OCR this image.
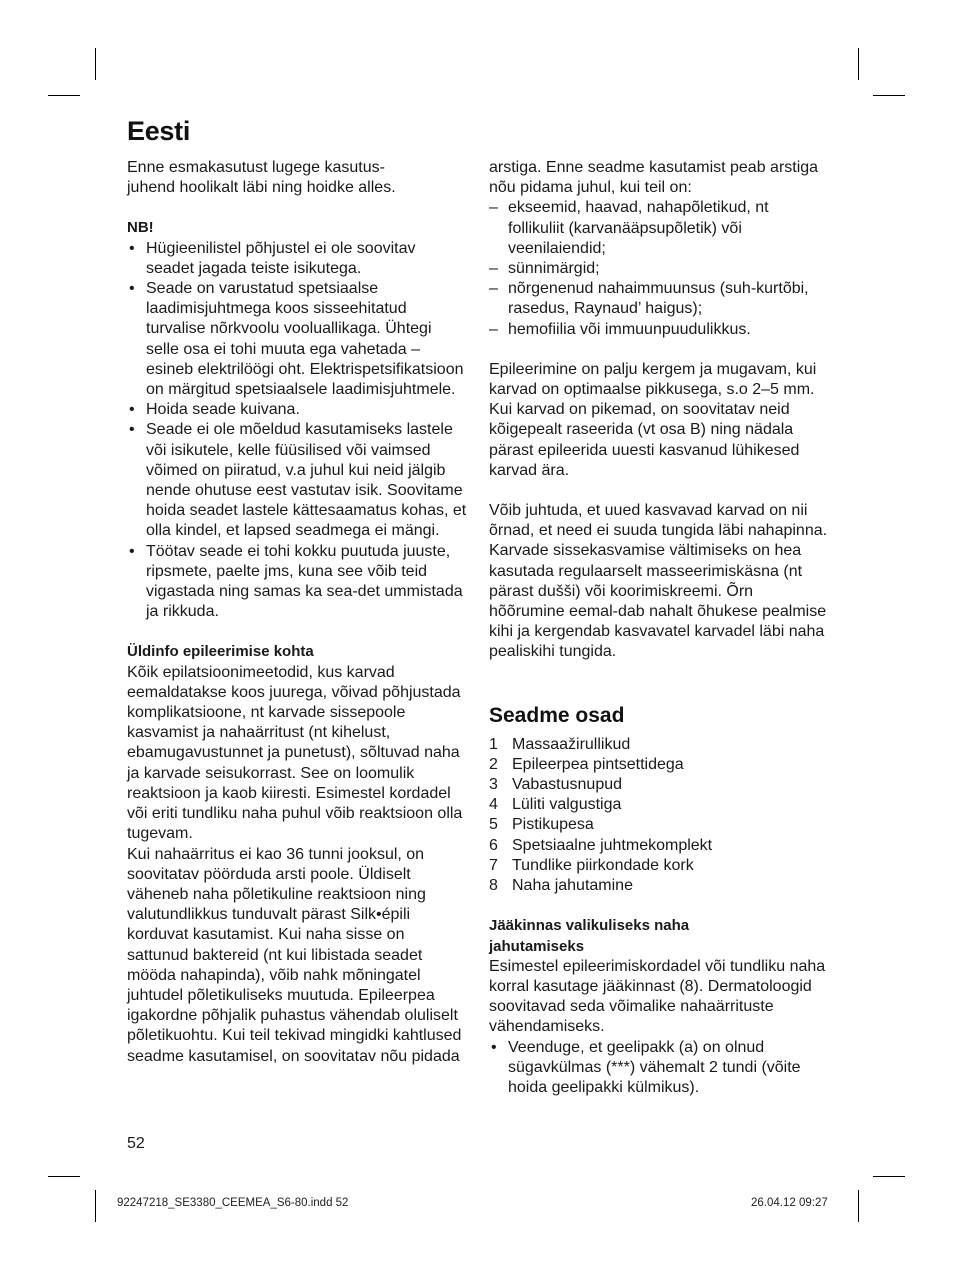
Eesti

Enne esmakasutust lugege kasutus-
juhend hoolikalt läbi ning hoidke alles.

NB!

• Hügieenilistel põhjustel ei ole soovitav seadet jagada teiste isikutega.
• Seade on varustatud spetsiaalse laadimisjuhtmega koos sisseehitatud turvalise nõrkvoolu vooluallikaga. Ühtegi selle osa ei tohi muuta ega vahetada – esineb elektrilöögi oht. Elektrispetsifikatsioon on märgitud spetsiaalsele laadimisjuhtmele.
• Hoida seade kuivana.
• Seade ei ole mõeldud kasutamiseks lastele või isikutele, kelle füüsilised või vaimsed võimed on piiratud, v.a juhul kui neid jälgib nende ohutuse eest vastutav isik. Soovitame hoida seadet lastele kättesaamatus kohas, et olla kindel, et lapsed seadmega ei mängi.
• Töötav seade ei tohi kokku puutuda juuste, ripsmete, paelte jms, kuna see võib teid vigastada ning samas ka sea-det ummistada ja rikkuda.

Üldinfo epileerimise kohta

Kõik epilatsioonimeetodid, kus karvad eemaldatakse koos juurega, võivad põhjustada komplikatsioone, nt karvade sissepoole kasvamist ja nahaärritust (nt kihelust, ebamugavustunnet ja punetust), sõltuvad naha ja karvade seisukorrast. See on loomulik reaktsioon ja kaob kiiresti. Esimestel kordadel või eriti tundliku naha puhul võib reaktsioon olla tugevam.
Kui nahaärritus ei kao 36 tunni jooksul, on soovitatav pöörduda arsti poole. Üldiselt väheneb naha põletikuline reaktsioon ning valutundlikkus tunduvalt pärast Silk•épili korduvat kasutamist. Kui naha sisse on sattunud baktereid (nt kui libistada seadet mööda nahapinda), võib nahk mõningatel juhtudel põletikuliseks muutuda. Epileerpea igakordne põhjalik puhastus vähendab oluliselt põletikuohtu. Kui teil tekivad mingidki kahtlused seadme kasutamisel, on soovitatav nõu pidada

arstiga. Enne seadme kasutamist peab arstiga nõu pidama juhul, kui teil on:

– ekseemid, haavad, nahapõletikud, nt follikuliit (karvanääpsupõletik) või veenilaiendid;
– sünnimärgid;
– nõrgenenud nahaimmuunsus (suh-kurtõbi, rasedus, Raynaud’ haigus);
– hemofiilia või immuunpuudulikkus.

Epileerimine on palju kergem ja mugavam, kui karvad on optimaalse pikkusega, s.o 2–5 mm. Kui karvad on pikemad, on soovitatav neid kõigepealt raseerida (vt osa B) ning nädala pärast epileerida uuesti kasvanud lühikesed karvad ära.

Võib juhtuda, et uued kasvavad karvad on nii õrnad, et need ei suuda tungida läbi nahapinna. Karvade sissekasvamise vältimiseks on hea kasutada regulaarselt masseerimiskäsna (nt pärast dušši) või koorimiskreemi. Õrn hõõrumine eemal-dab nahalt õhukese pealmise kihi ja kergendab kasvavatel karvadel läbi naha pealiskihi tungida.

Seadme osad
1 Massaažirullikud
2 Epileerpea pintsettidega
3 Vabastusnupud
4 Lüliti valgustiga
5 Pistikupesa
6 Spetsiaalne juhtmekomplekt
7 Tundlike piirkondade kork
8 Naha jahutamine

Jääkinnas valikuliseks naha
jahutamiseks

Esimestel epileerimiskordadel või tundliku naha korral kasutage jääkinnast (8). Dermatoloogid soovitavad seda võimalike nahaärrituste vähendamiseks.

• Veenduge, et geelipakk (a) on olnud sügavkülmas (***) vähemalt 2 tundi (võite hoida geelipakki külmikus).
52
92247218_SE3380_CEEMEA_S6-80.indd 52	26.04.12 09:27
